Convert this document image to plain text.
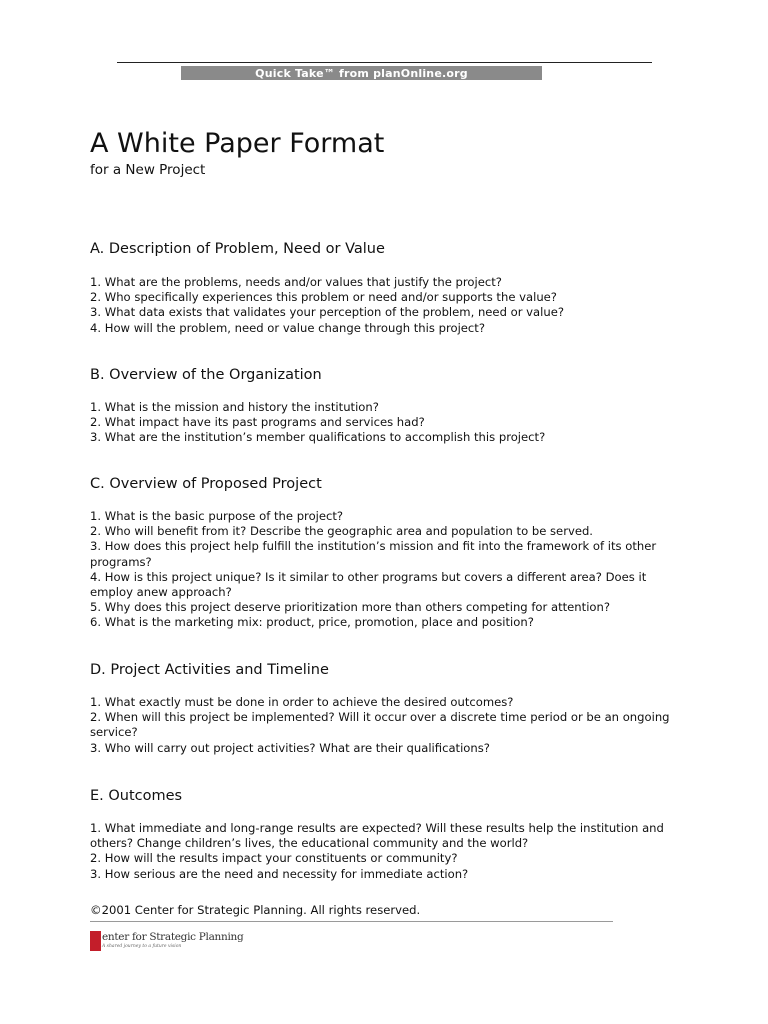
Quick Take™ from planOnline.org
A White Paper Format
for a New Project
A. Description of Problem, Need or Value
1. What are the problems, needs and/or values that justify the project?
2. Who specifically experiences this problem or need and/or supports the value?
3. What data exists that validates your perception of the problem, need or value?
4. How will the problem, need or value change through this project?
B. Overview of the Organization
1. What is the mission and history the institution?
2. What impact have its past programs and services had?
3. What are the institution’s member qualifications to accomplish this project?
C. Overview of Proposed Project
1. What is the basic purpose of the project?
2. Who will benefit from it? Describe the geographic area and population to be served.
3. How does this project help fulfill the institution’s mission and fit into the framework of its other programs?
4. How is this project unique? Is it similar to other programs but covers a different area? Does it employ anew approach?
5. Why does this project deserve prioritization more than others competing for attention?
6. What is the marketing mix: product, price, promotion, place and position?
D. Project Activities and Timeline
1. What exactly must be done in order to achieve the desired outcomes?
2. When will this project be implemented? Will it occur over a discrete time period or be an ongoing service?
3. Who will carry out project activities? What are their qualifications?
E. Outcomes
1. What immediate and long-range results are expected? Will these results help the institution and others? Change children’s lives, the educational community and the world?
2. How will the results impact your constituents or community?
3. How serious are the need and necessity for immediate action?
©2001 Center for Strategic Planning. All rights reserved.
enter for Strategic Planning
A shared journey to a future vision
